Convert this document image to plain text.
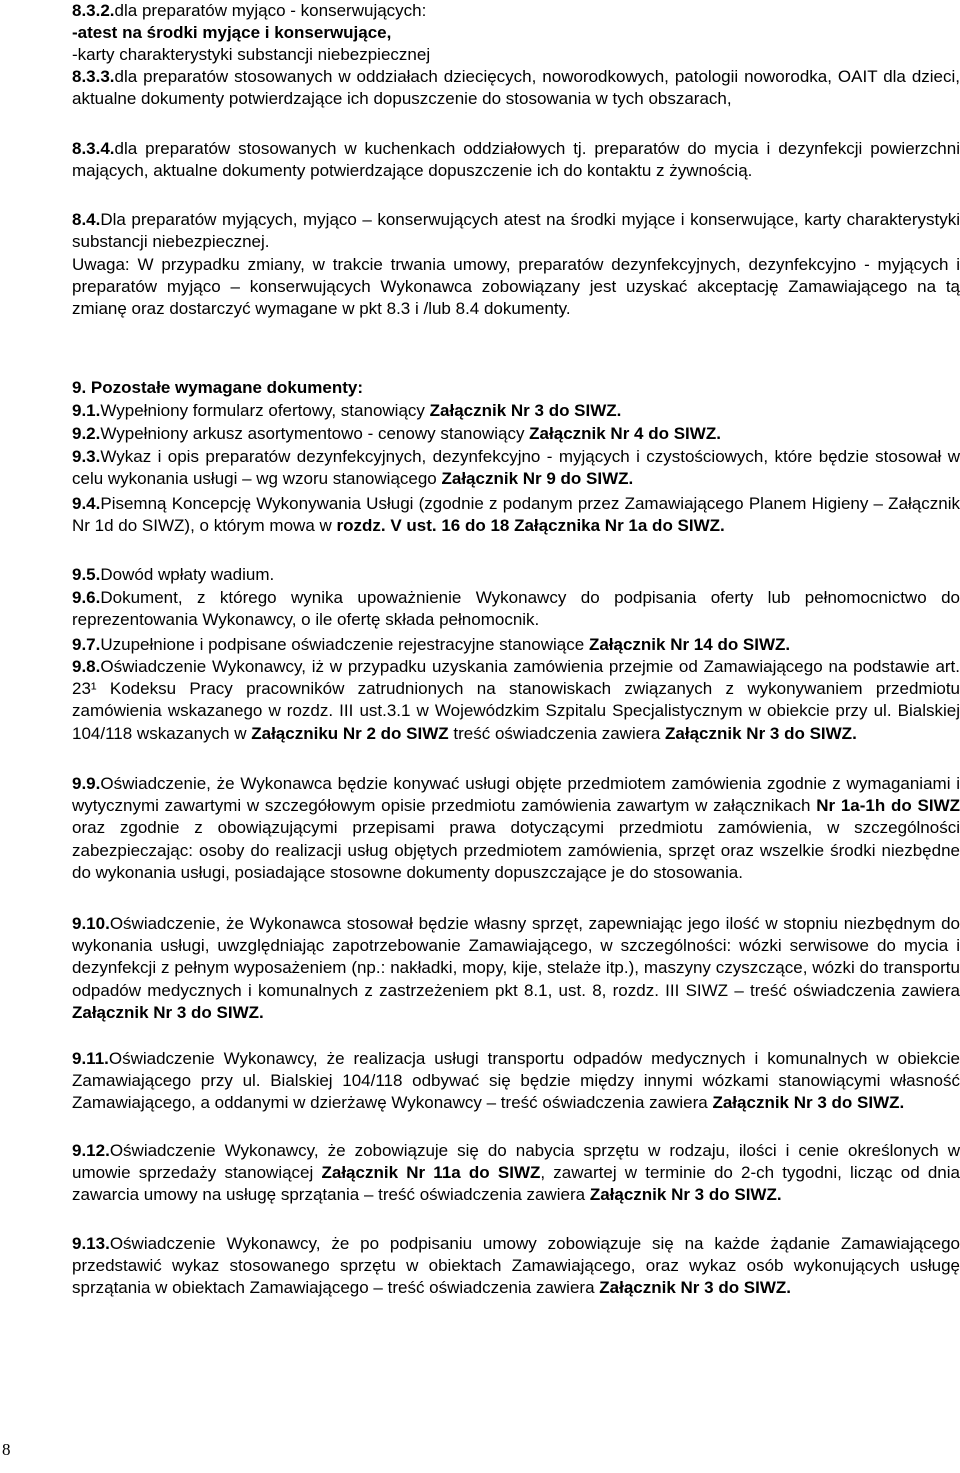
8.3.2.dla preparatów myjąco - konserwujących:
-atest na środki myjące i konserwujące,
-karty charakterystyki substancji niebezpiecznej
8.3.3.dla preparatów stosowanych w oddziałach dziecięcych, noworodkowych, patologii noworodka, OAIT dla dzieci, aktualne dokumenty potwierdzające ich dopuszczenie do stosowania w tych obszarach,
8.3.4.dla preparatów stosowanych w kuchenkach oddziałowych tj. preparatów do mycia i dezynfekcji powierzchni mających, aktualne dokumenty potwierdzające dopuszczenie ich do kontaktu z żywnością.
8.4.Dla preparatów myjących, myjąco – konserwujących atest na środki myjące i konserwujące, karty charakterystyki substancji niebezpiecznej.
Uwaga: W przypadku zmiany, w trakcie trwania umowy, preparatów dezynfekcyjnych, dezynfekcyjno - myjących i preparatów myjąco – konserwujących Wykonawca zobowiązany jest uzyskać akceptację Zamawiającego na tą zmianę oraz dostarczyć wymagane w pkt 8.3 i /lub 8.4 dokumenty.
9. Pozostałe wymagane dokumenty:
9.1.Wypełniony formularz ofertowy, stanowiący Załącznik Nr 3 do SIWZ.
9.2.Wypełniony arkusz asortymentowo - cenowy stanowiący Załącznik Nr 4 do SIWZ.
9.3.Wykaz i opis preparatów dezynfekcyjnych, dezynfekcyjno - myjących i czystościowych, które będzie stosował w celu wykonania usługi – wg wzoru stanowiącego Załącznik Nr 9 do SIWZ.
9.4.Pisemną Koncepcję Wykonywania Usługi (zgodnie z podanym przez Zamawiającego Planem Higieny – Załącznik Nr 1d do SIWZ), o którym mowa w rozdz. V ust. 16 do 18 Załącznika Nr 1a do SIWZ.
9.5.Dowód wpłaty wadium.
9.6.Dokument, z którego wynika upoważnienie Wykonawcy do podpisania oferty lub pełnomocnictwo do reprezentowania Wykonawcy, o ile ofertę składa pełnomocnik.
9.7.Uzupełnione i podpisane oświadczenie rejestracyjne stanowiące Załącznik Nr 14 do SIWZ.
9.8.Oświadczenie Wykonawcy, iż w przypadku uzyskania zamówienia przejmie od Zamawiającego na podstawie art. 23¹ Kodeksu Pracy pracowników zatrudnionych na stanowiskach związanych z wykonywaniem przedmiotu zamówienia wskazanego w rozdz. III ust.3.1 w Wojewódzkim Szpitalu Specjalistycznym w obiekcie przy ul. Bialskiej 104/118 wskazanych w Załączniku Nr 2 do SIWZ treść oświadczenia zawiera Załącznik Nr 3 do SIWZ.
9.9.Oświadczenie, że Wykonawca będzie konywać usługi objęte przedmiotem zamówienia zgodnie z wymaganiami i wytycznymi zawartymi w szczegółowym opisie przedmiotu zamówienia zawartym w załącznikach Nr 1a-1h do SIWZ oraz zgodnie z obowiązującymi przepisami prawa dotyczącymi przedmiotu zamówienia, w szczególności zabezpieczając: osoby do realizacji usług objętych przedmiotem zamówienia, sprzęt oraz wszelkie środki niezbędne do wykonania usługi, posiadające stosowne dokumenty dopuszczające je do stosowania.
9.10.Oświadczenie, że Wykonawca stosował będzie własny sprzęt, zapewniając jego ilość w stopniu niezbędnym do wykonania usługi, uwzględniając zapotrzebowanie Zamawiającego, w szczególności: wózki serwisowe do mycia i dezynfekcji z pełnym wyposażeniem (np.: nakładki, mopy, kije, stelaże itp.), maszyny czyszczące, wózki do transportu odpadów medycznych i komunalnych z zastrzeżeniem pkt 8.1, ust. 8, rozdz. III SIWZ – treść oświadczenia zawiera Załącznik Nr 3 do SIWZ.
9.11.Oświadczenie Wykonawcy, że realizacja usługi transportu odpadów medycznych i komunalnych w obiekcie Zamawiającego przy ul. Bialskiej 104/118 odbywać się będzie między innymi wózkami stanowiącymi własność Zamawiającego, a oddanymi w dzierżawę Wykonawcy – treść oświadczenia zawiera Załącznik Nr 3 do SIWZ.
9.12.Oświadczenie Wykonawcy, że zobowiązuje się do nabycia sprzętu w rodzaju, ilości i cenie określonych w umowie sprzedaży stanowiącej Załącznik Nr 11a do SIWZ, zawartej w terminie do 2-ch tygodni, licząc od dnia zawarcia umowy na usługę sprzątania – treść oświadczenia zawiera Załącznik Nr 3 do SIWZ.
9.13.Oświadczenie Wykonawcy, że po podpisaniu umowy zobowiązuje się na każde żądanie Zamawiającego przedstawić wykaz stosowanego sprzętu w obiektach Zamawiającego, oraz wykaz osób wykonujących usługę sprzątania w obiektach Zamawiającego – treść oświadczenia zawiera Załącznik Nr 3 do SIWZ.
8
